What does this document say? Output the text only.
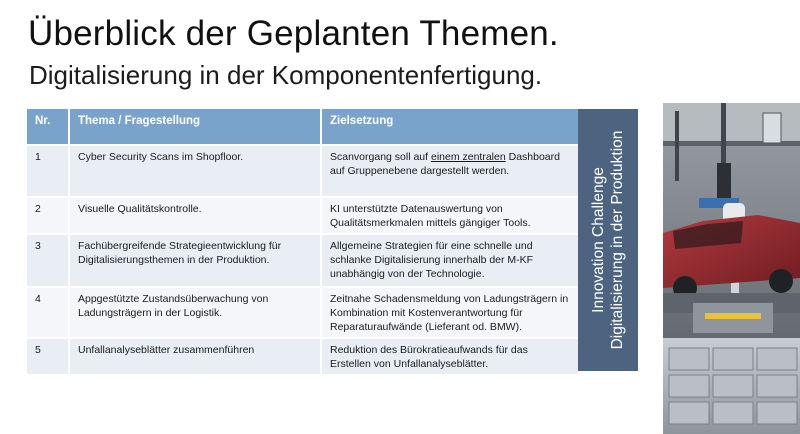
Überblick der Geplanten Themen.
Digitalisierung in der Komponentenfertigung.
Nr.	Thema / Fragestellung	Zielsetzung
1	Cyber Security Scans im Shopfloor.	Scanvorgang soll auf einem zentralen Dashboard auf Gruppenebene dargestellt werden.
2	Visuelle Qualitätskontrolle.	KI unterstützte Datenauswertung von Qualitätsmerkmalen mittels gängiger Tools.
3	Fachübergreifende Strategieentwicklung für Digitalisierungsthemen in der Produktion.	Allgemeine Strategien für eine schnelle und schlanke Digitalisierung innerhalb der M-KF unabhängig von der Technologie.
4	Appgestützte Zustandsüberwachung von Ladungsträgern in der Logistik.	Zeitnahe Schadensmeldung von Ladungsträgern in Kombination mit Kostenverantwortung für Reparaturaufwände (Lieferant od. BMW).
5	Unfallanalyseblätter zusammenführen	Reduktion des Bürokratieaufwands für das Erstellen von Unfallanalyseblätter.
Innovation Challenge Digitalisierung in der Produktion
